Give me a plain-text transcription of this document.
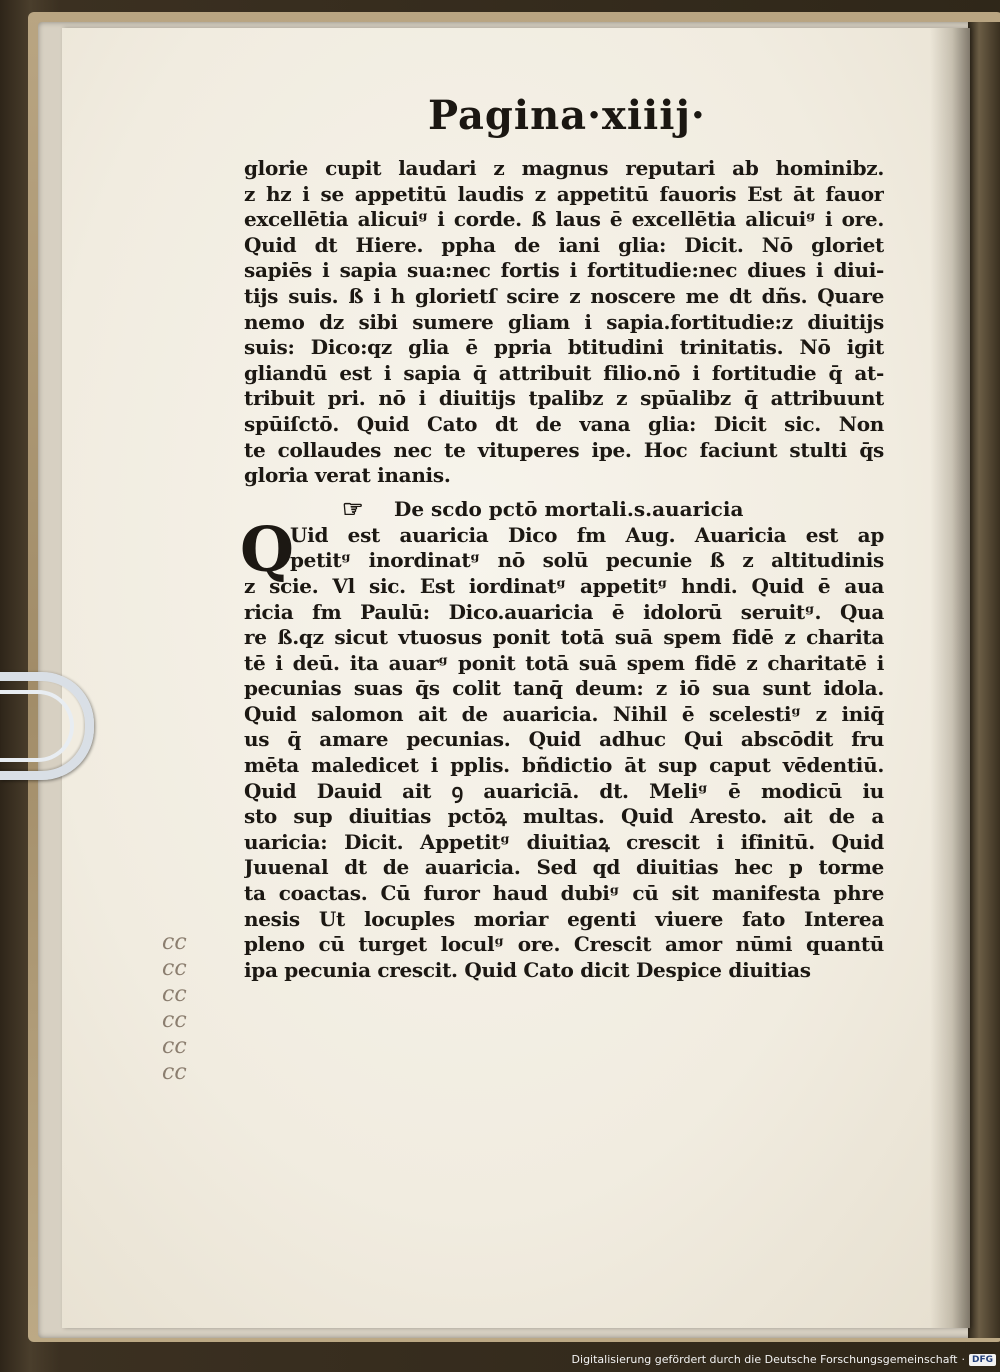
Pagina·xiiij·
glorie cupit laudari z magnus reputari ab hominibz.
z hz i se appetitū laudis z appetitū fauoris Est āt fauor
excellētia alicuiᵍ i corde. ß laus ē excellētia alicuiᵍ i ore.
Quid dt Hiere. ppha de iani glia: Dicit. Nō gloriet
sapiēs i sapia sua:nec fortis i fortitudie:nec diues i diui-
tijs suis. ß i h glorietſ scire z noscere me dt dñs. Quare
nemo dz sibi sumere gliam i sapia.fortitudie:z diuitijs
suis: Dico:qz glia ē ppria btitudini trinitatis. Nō igit
gliandū est i sapia q̄ attribuit filio.nō i fortitudie q̄ at-
tribuit pri. nō i diuitijs tpalibz z spūalibz q̄ attribuunt
spūiſctō. Quid Cato dt de vana glia: Dicit sic. Non
te collaudes nec te vituperes ipe. Hoc faciunt stulti q̄s
gloria verat inanis.
☞ De scdo pctō mortali.s.auaricia
Q
Uid est auaricia Dico fm Aug. Auaricia est ap
petitᵍ inordinatᵍ nō solū pecunie ß z altitudinis
z scie. Vl sic. Est iordinatᵍ appetitᵍ hndi. Quid ē aua
ricia fm Paulū: Dico.auaricia ē idolorū seruitᵍ. Qua
re ß.qz sicut vtuosus ponit totā suā spem fidē z charita
tē i deū. ita auarᵍ ponit totā suā spem fidē z charitatē i
pecunias suas q̄s colit tanq̄ deum: z iō sua sunt idola.
Quid salomon ait de auaricia. Nihil ē scelestiᵍ z iniq̄
us q̄ amare pecunias. Quid adhuc Qui abscōdit fru
mēta maledicet i pplis. bñdictio āt sup caput vēdentiū.
Quid Dauid ait ꝯ auariciā. dt. Meliᵍ ē modicū iu
sto sup diuitias pctōꝝ multas. Quid Aresto. ait de a
uaricia: Dicit. Appetitᵍ diuitiaꝝ crescit i ifinitū. Quid
Juuenal dt de auaricia. Sed qd diuitias hec p torme
ta coactas. Cū furor haud dubiᵍ cū sit manifesta phre
nesis Ut locuples moriar egenti viuere fato Interea
pleno cū turget loculᵍ ore. Crescit amor nūmi quantū
ipa pecunia crescit. Quid Cato dicit Despice diuitias
cc
cc
cc
cc
cc
cc
Digitalisierung gefördert durch die Deutsche Forschungsgemeinschaft · DFG
